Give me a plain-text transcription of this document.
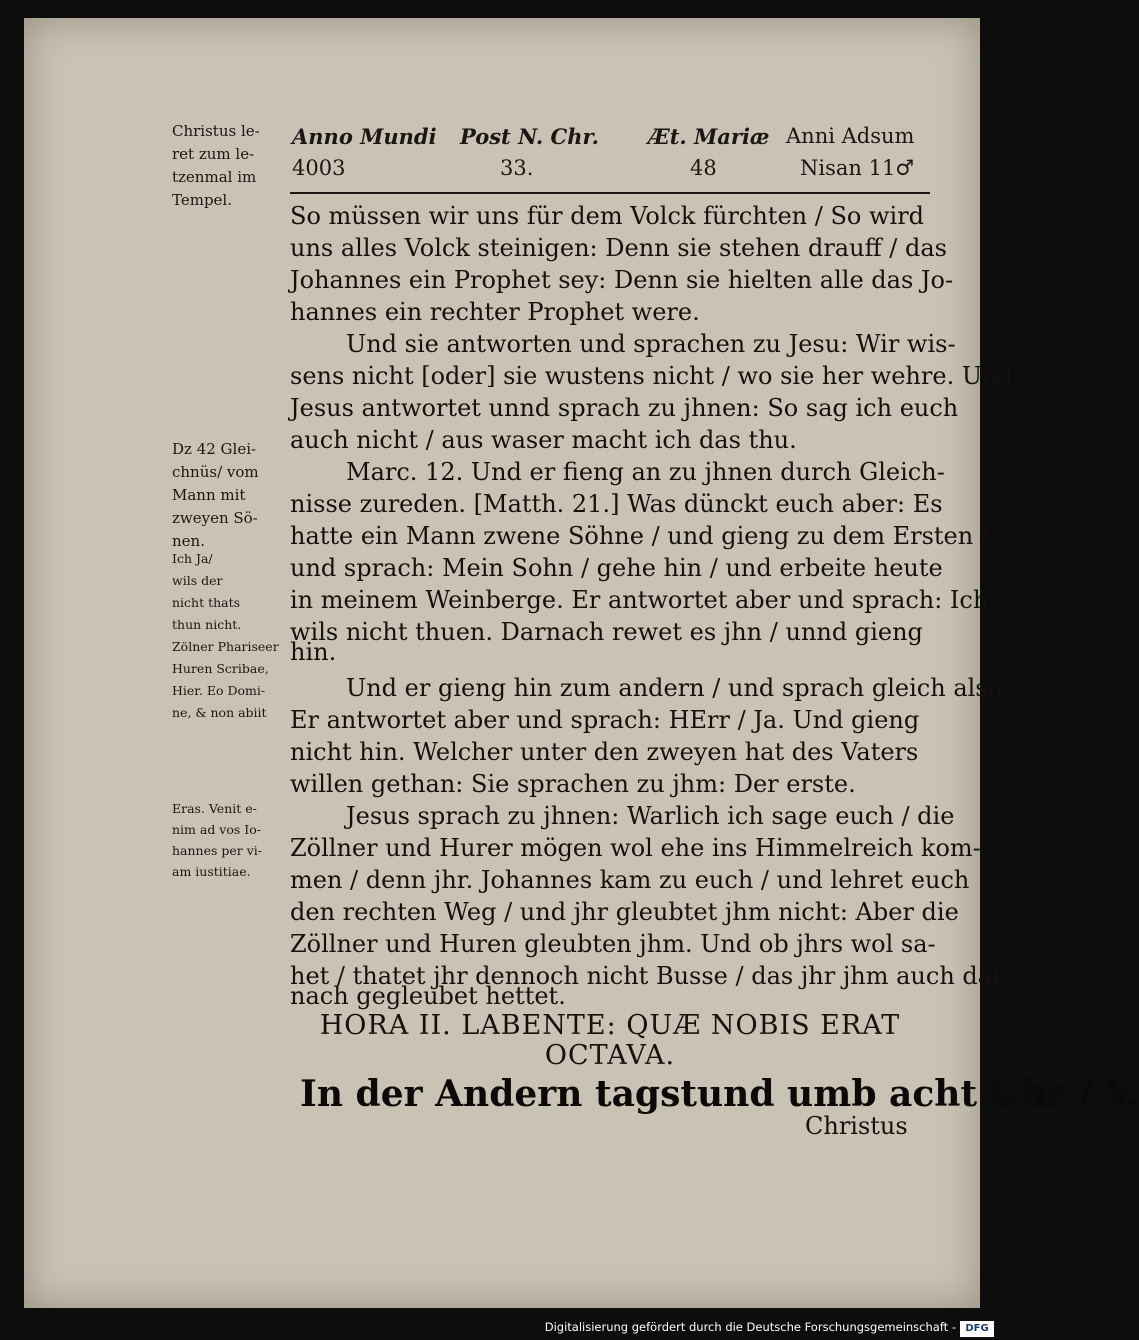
Christus le-
ret zum le-
tzenmal im
Tempel.
Dz 42 Glei-
chnüs/ vom
Mann mit
zweyen Sö-
nen.
Ich Ja/
wils der
nicht thats
thun nicht.
Zölner Phariseer
Huren Scribae,
Hier. Eo Domi-
ne, & non abiit
Eras. Venit e-
nim ad vos Io-
hannes per vi-
am iustitiae.
Anno Mundi
4003
Post N. Chr.
33.
Æt. Mariæ
48
Anni Adsum
Nisan 11♂
So müssen wir uns für dem Volck fürchten / So wird
uns alles Volck steinigen: Denn sie stehen drauff / das
Johannes ein Prophet sey: Denn sie hielten alle das Jo-
hannes ein rechter Prophet were.
Und sie antworten und sprachen zu Jesu: Wir wis-
sens nicht [oder] sie wustens nicht / wo sie her wehre. Und
Jesus antwortet unnd sprach zu jhnen: So sag ich euch
auch nicht / aus waser macht ich das thu.
Marc. 12. Und er fieng an zu jhnen durch Gleich-
nisse zureden. [Matth. 21.] Was dünckt euch aber: Es
hatte ein Mann zwene Söhne / und gieng zu dem Ersten /
und sprach: Mein Sohn / gehe hin / und erbeite heute
in meinem Weinberge. Er antwortet aber und sprach: Ich
wils nicht thuen. Darnach rewet es jhn / unnd gieng
hin.
Und er gieng hin zum andern / und sprach gleich also.
Er antwortet aber und sprach: HErr / Ja. Und gieng
nicht hin. Welcher unter den zweyen hat des Vaters
willen gethan: Sie sprachen zu jhm: Der erste.
Jesus sprach zu jhnen: Warlich ich sage euch / die
Zöllner und Hurer mögen wol ehe ins Himmelreich kom-
men / denn jhr. Johannes kam zu euch / und lehret euch
den rechten Weg / und jhr gleubtet jhm nicht: Aber die
Zöllner und Huren gleubten jhm. Und ob jhrs wol sa-
het / thatet jhr dennoch nicht Busse / das jhr jhm auch dar-
nach gegleubet hettet.
HORA II. LABENTE: QUÆ NOBIS ERAT
OCTAVA.
In der Andern tagstund umb acht Uhr / V.
Christus
Digitalisierung gefördert durch die Deutsche Forschungsgemeinschaft - DFG
